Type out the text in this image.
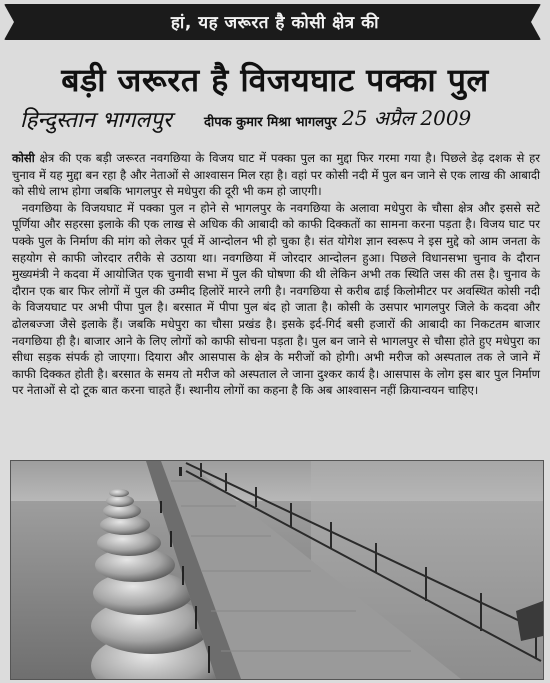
हां, यह जरूरत है कोसी क्षेत्र की
बड़ी जरूरत है विजयघाट पक्का पुल
हिन्दुस्तान भागलपुर दीपक कुमार मिश्रा भागलपुर 25 अप्रैल 2009

कोसी क्षेत्र की एक बड़ी जरूरत नवगछिया के विजय घाट में पक्का पुल का मुद्दा फिर गरमा गया है। पिछले डेढ़ दशक से हर चुनाव में यह मुद्दा बन रहा है और नेताओं से आश्वासन मिल रहा है। वहां पर कोसी नदी में पुल बन जाने से एक लाख की आबादी को सीधे लाभ होगा जबकि भागलपुर से मधेपुरा की दूरी भी कम हो जाएगी।

नवगछिया के विजयघाट में पक्का पुल न होने से भागलपुर के नवगछिया के अलावा मधेपुरा के चौसा क्षेत्र और इससे सटे पूर्णिया और सहरसा इलाके की एक लाख से अधिक की आबादी को काफी दिक्कतों का सामना करना पड़ता है। विजय घाट पर पक्के पुल के निर्माण की मांग को लेकर पूर्व में आन्दोलन भी हो चुका है। संत योगेश ज्ञान स्वरूप ने इस मुद्दे को आम जनता के सहयोग से काफी जोरदार तरीके से उठाया था। नवगछिया में जोरदार आन्दोलन हुआ। पिछले विधानसभा चुनाव के दौरान मुख्यमंत्री ने कदवा में आयोजित एक चुनावी सभा में पुल की घोषणा की थी लेकिन अभी तक स्थिति जस की तस है। चुनाव के दौरान एक बार फिर लोगों में पुल की उम्मीद हिलोरें मारने लगी है। नवगछिया से करीब ढाई किलोमीटर पर अवस्थित कोसी नदी के विजयघाट पर अभी पीपा पुल है। बरसात में पीपा पुल बंद हो जाता है। कोसी के उसपार भागलपुर जिले के कदवा और ढोलबज्जा जैसे इलाके हैं। जबकि मधेपुरा का चौसा प्रखंड है। इसके इर्द-गिर्द बसी हजारों की आबादी का निकटतम बाजार नवगछिया ही है। बाजार आने के लिए लोगों को काफी सोचना पड़ता है। पुल बन जाने से भागलपुर से चौसा होते हुए मधेपुरा का सीधा सड़क संपर्क हो जाएगा। दियारा और आसपास के क्षेत्र के मरीजों को होगी। अभी मरीज को अस्पताल तक ले जाने में काफी दिक्कत होती है। बरसात के समय तो मरीज को अस्पताल ले जाना दुश्कर कार्य है। आसपास के लोग इस बार पुल निर्माण पर नेताओं से दो टूक बात करना चाहते हैं। स्थानीय लोगों का कहना है कि अब आश्वासन नहीं क्रियान्वयन चाहिए।
